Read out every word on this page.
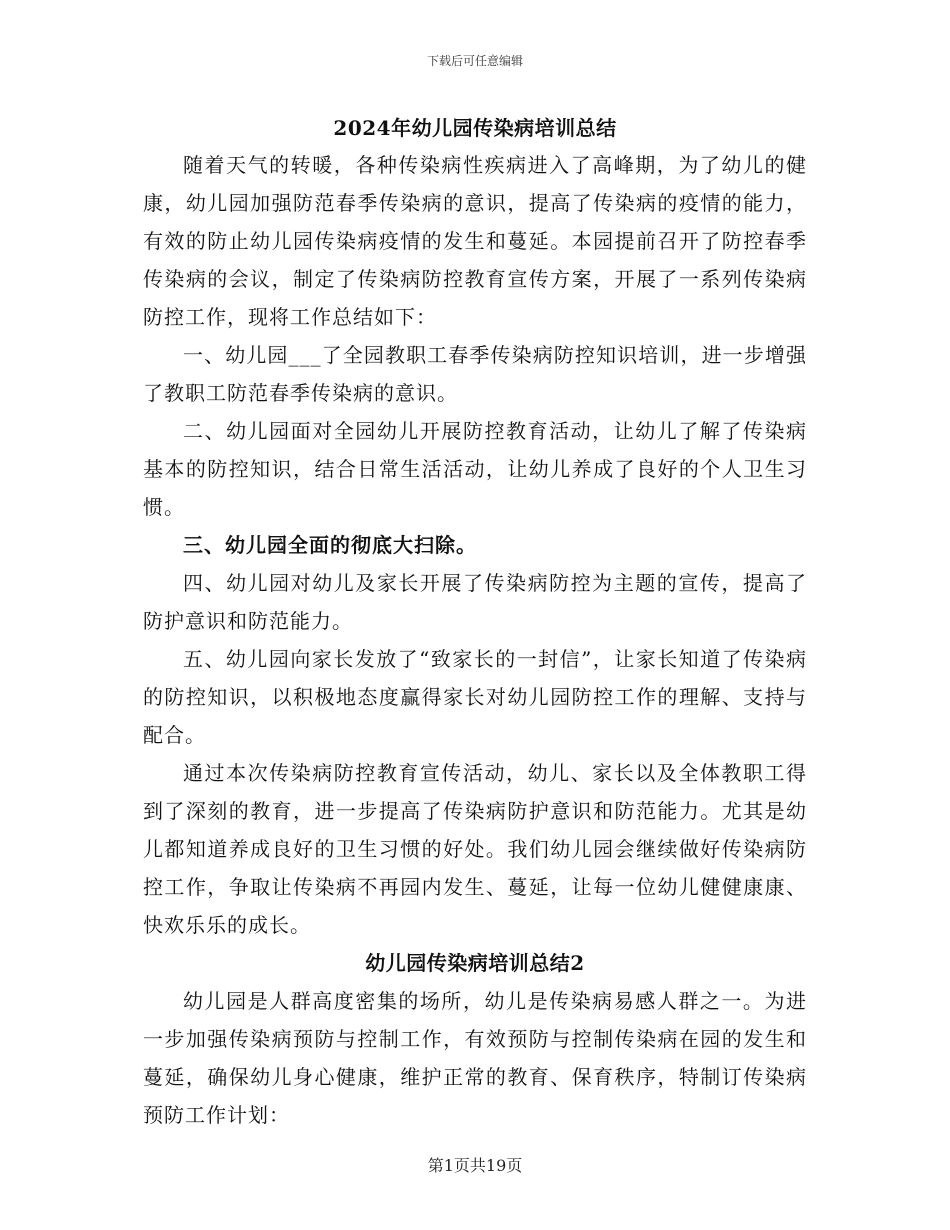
下载后可任意编辑
2024年幼儿园传染病培训总结

随着天气的转暖，各种传染病性疾病进入了高峰期，为了幼儿的健康，幼儿园加强防范春季传染病的意识，提高了传染病的疫情的能力，有效的防止幼儿园传染病疫情的发生和蔓延。本园提前召开了防控春季传染病的会议，制定了传染病防控教育宣传方案，开展了一系列传染病防控工作，现将工作总结如下：

一、幼儿园___了全园教职工春季传染病防控知识培训，进一步增强了教职工防范春季传染病的意识。

二、幼儿园面对全园幼儿开展防控教育活动，让幼儿了解了传染病基本的防控知识，结合日常生活活动，让幼儿养成了良好的个人卫生习惯。

三、幼儿园全面的彻底大扫除。

四、幼儿园对幼儿及家长开展了传染病防控为主题的宣传，提高了防护意识和防范能力。

五、幼儿园向家长发放了“致家长的一封信”，让家长知道了传染病的防控知识，以积极地态度赢得家长对幼儿园防控工作的理解、支持与配合。

通过本次传染病防控教育宣传活动，幼儿、家长以及全体教职工得到了深刻的教育，进一步提高了传染病防护意识和防范能力。尤其是幼儿都知道养成良好的卫生习惯的好处。我们幼儿园会继续做好传染病防控工作，争取让传染病不再园内发生、蔓延，让每一位幼儿健健康康、快欢乐乐的成长。

幼儿园传染病培训总结2

幼儿园是人群高度密集的场所，幼儿是传染病易感人群之一。为进一步加强传染病预防与控制工作，有效预防与控制传染病在园的发生和蔓延，确保幼儿身心健康，维护正常的教育、保育秩序，特制订传染病预防工作计划：

第1页共19页
